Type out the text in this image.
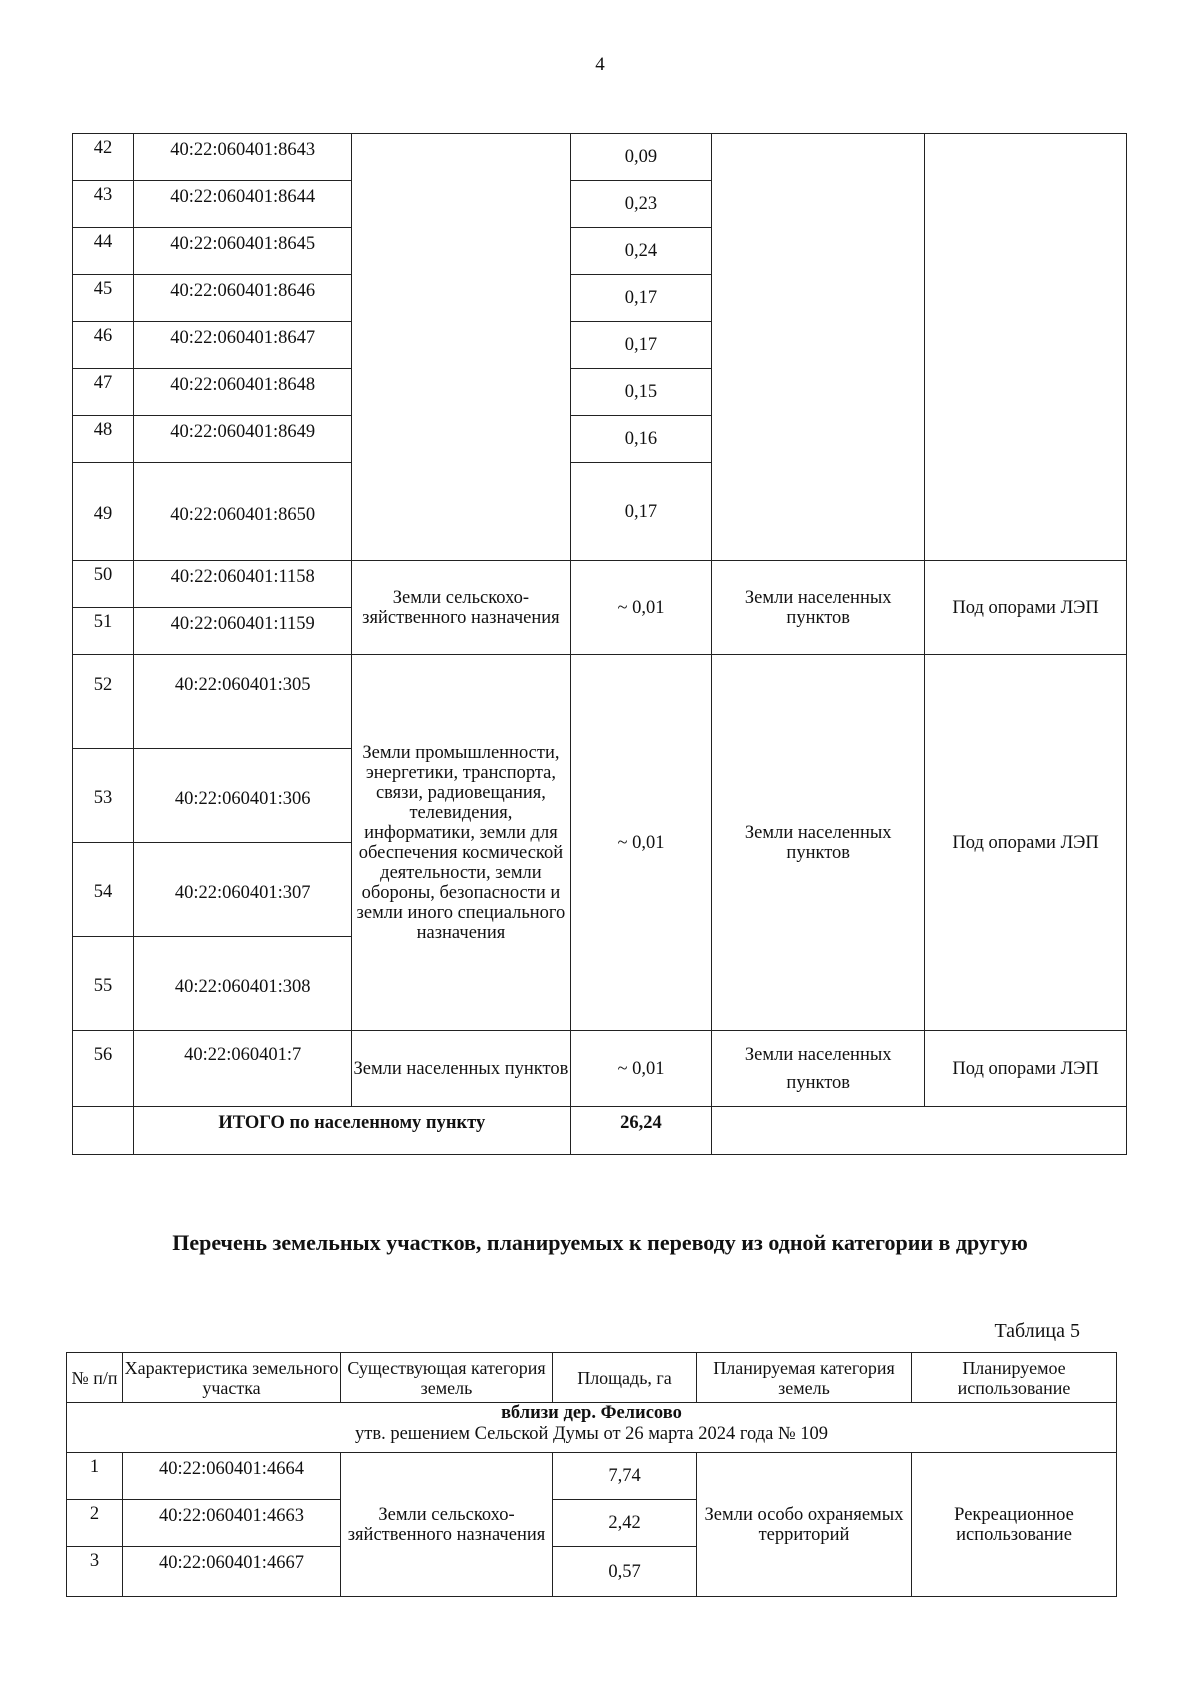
4
42	40:22:060401:8643		0,09		
43	40:22:060401:8644		0,23		
44	40:22:060401:8645		0,24		
45	40:22:060401:8646		0,17		
46	40:22:060401:8647		0,17		
47	40:22:060401:8648		0,15		
48	40:22:060401:8649		0,16		
49	40:22:060401:8650		0,17		
50	40:22:060401:1158	Земли сельскохо-зяйственного назначения	~ 0,01	Земли населенных пунктов	Под опорами ЛЭП
51	40:22:060401:1159				
52	40:22:060401:305	Земли промышленности, энергетики, транспорта, связи, радиовещания, телевидения, информатики, земли для обеспечения космической деятельности, земли обороны, безопасности и земли иного специального назначения	~ 0,01	Земли населенных пунктов	Под опорами ЛЭП
53	40:22:060401:306				
54	40:22:060401:307				
55	40:22:060401:308				
56	40:22:060401:7	Земли населенных пунктов	~ 0,01	Земли населенных пунктов	Под опорами ЛЭП
	ИТОГО по населенному пункту		26,24		
Перечень земельных участков, планируемых к переводу из одной категории в другую
Таблица 5
№ п/п	Характеристика земельного участка	Существующая категория земель	Площадь, га	Планируемая категория земель	Планируемое использование

вблизи дер. Фелисово
утв. решением Сельской Думы от 26 марта 2024 года № 109					

1	40:22:060401:4664	Земли сельскохо-зяйственного назначения	7,74	Земли особо охраняемых территорий	Рекреационное использование
2	40:22:060401:4663		2,42		
3	40:22:060401:4667		0,57		
